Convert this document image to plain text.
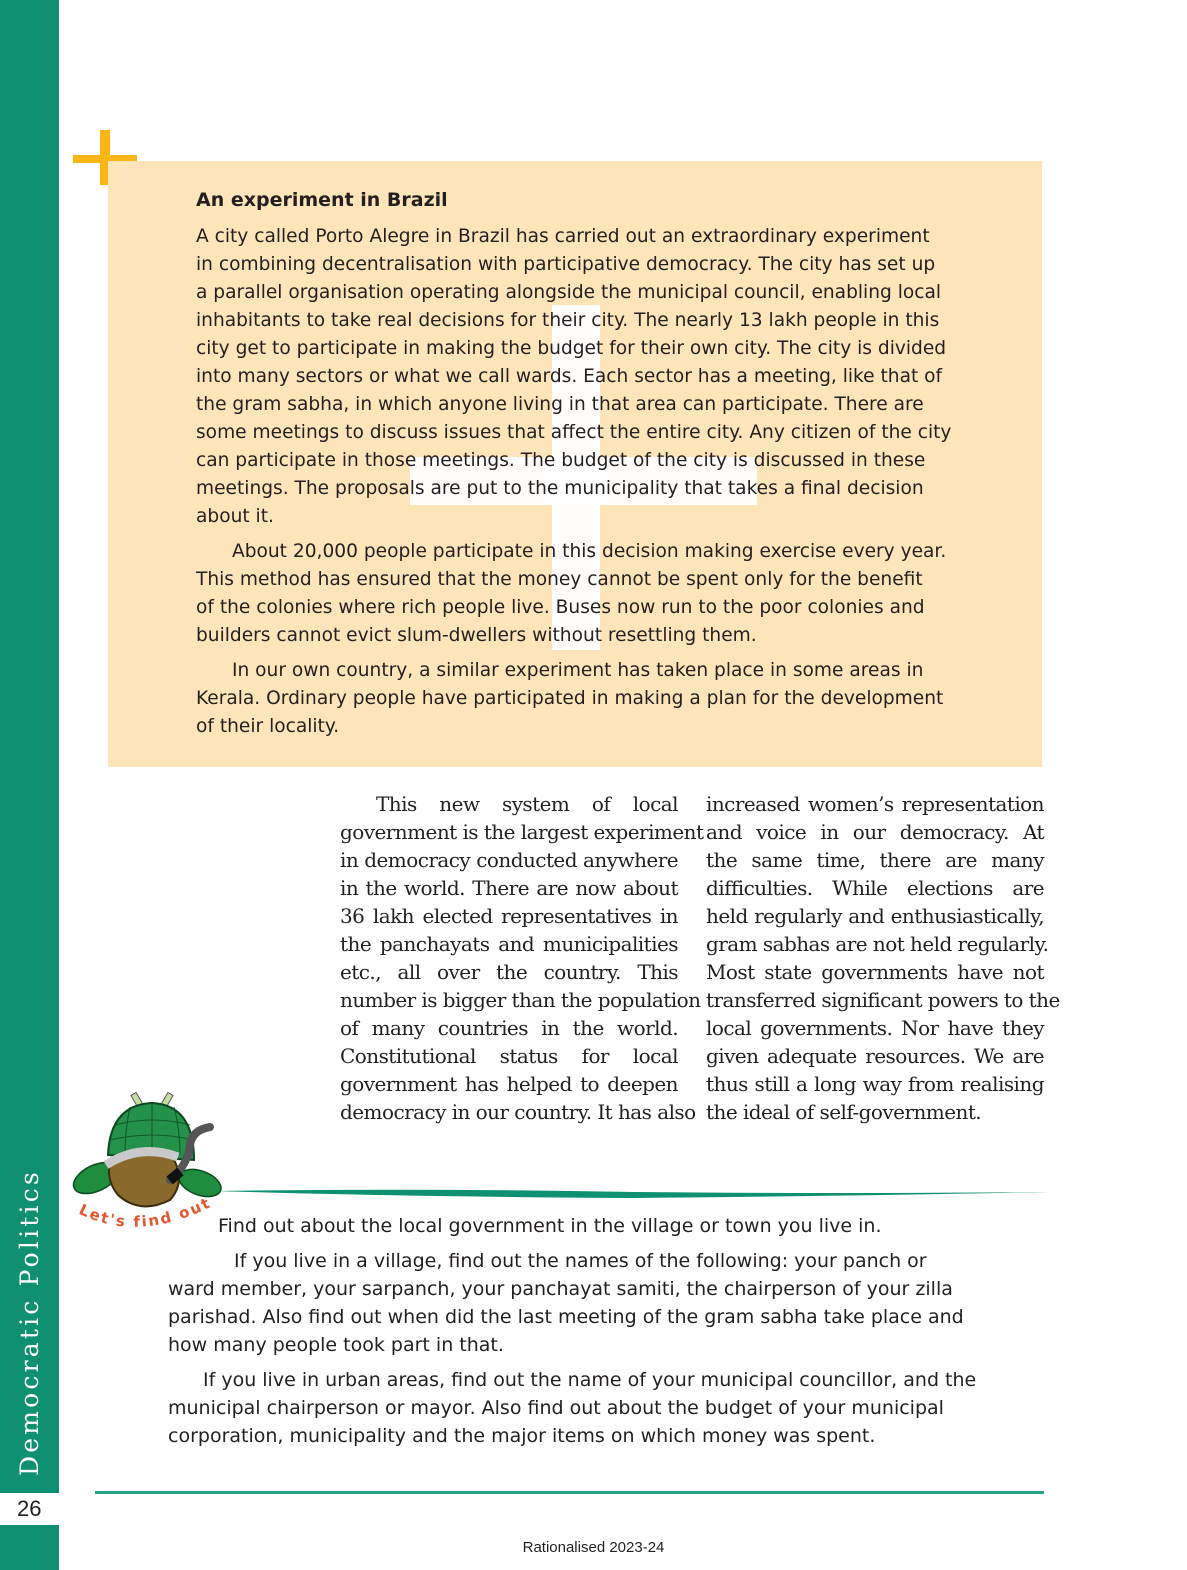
Democratic Politics
26
An experiment in Brazil

A city called Porto Alegre in Brazil has carried out an extraordinary experiment
in combining decentralisation with participative democracy. The city has set up
a parallel organisation operating alongside the municipal council, enabling local
inhabitants to take real decisions for their city. The nearly 13 lakh people in this
city get to participate in making the budget for their own city. The city is divided
into many sectors or what we call wards. Each sector has a meeting, like that of
the gram sabha, in which anyone living in that area can participate. There are
some meetings to discuss issues that affect the entire city. Any citizen of the city
can participate in those meetings. The budget of the city is discussed in these
meetings. The proposals are put to the municipality that takes a final decision
about it.

About 20,000 people participate in this decision making exercise every year.
This method has ensured that the money cannot be spent only for the benefit
of the colonies where rich people live. Buses now run to the poor colonies and
builders cannot evict slum-dwellers without resettling them.

In our own country, a similar experiment has taken place in some areas in
Kerala. Ordinary people have participated in making a plan for the development
of their locality.

This new system of local
government is the largest experiment
in democracy conducted anywhere
in the world. There are now about
36 lakh elected representatives in
the panchayats and municipalities
etc., all over the country. This
number is bigger than the population
of many countries in the world.
Constitutional status for local
government has helped to deepen
democracy in our country. It has also
increased women’s representation
and voice in our democracy. At
the same time, there are many
difficulties. While elections are
held regularly and enthusiastically,
gram sabhas are not held regularly.
Most state governments have not
transferred significant powers to the
local governments. Nor have they
given adequate resources. We are
thus still a long way from realising
the ideal of self-government.
Let's find out

Find out about the local government in the village or town you live in.

If you live in a village, find out the names of the following: your panch or
ward member, your sarpanch, your panchayat samiti, the chairperson of your zilla
parishad. Also find out when did the last meeting of the gram sabha take place and
how many people took part in that.

If you live in urban areas, find out the name of your municipal councillor, and the
municipal chairperson or mayor. Also find out about the budget of your municipal
corporation, municipality and the major items on which money was spent.

Rationalised 2023-24
